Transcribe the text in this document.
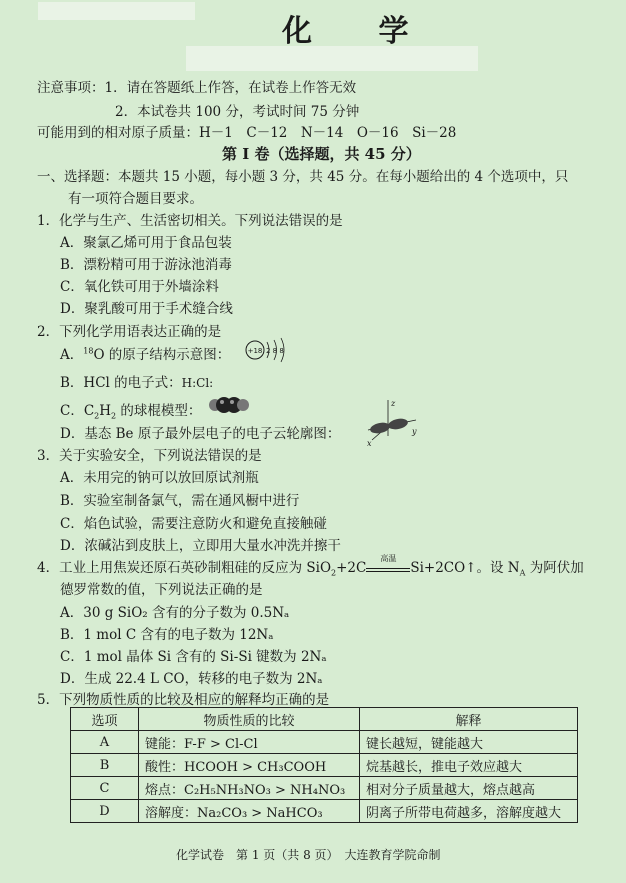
化 学
注意事项：1．请在答题纸上作答，在试卷上作答无效
2．本试卷共 100 分，考试时间 75 分钟
可能用到的相对原子质量：H－1　C－12　N－14　O－16　Si－28
第 I 卷（选择题，共 45 分）
一、选择题：本题共 15 小题，每小题 3 分，共 45 分。在每小题给出的 4 个选项中，只
有一项符合题目要求。
1．化学与生产、生活密切相关。下列说法错误的是
A．聚氯乙烯可用于食品包装
B．漂粉精可用于游泳池消毒
C．氧化铁可用于外墙涂料
D．聚乳酸可用于手术缝合线
2．下列化学用语表达正确的是
A．$^{18}$O 的原子结构示意图： +18 2 8 8
B．HCl 的电子式：H:Cl:
C．$C_2H_2$ 的球棍模型：
D．基态 Be 原子最外层电子的电子云轮廓图：
z
x
y
3．关于实验安全，下列说法错误的是
A．未用完的钠可以放回原试剂瓶
B．实验室制备氯气，需在通风橱中进行
C．焰色试验，需要注意防火和避免直接触碰
D．浓碱沾到皮肤上，立即用大量水冲洗并擦干
4．工业上用焦炭还原石英砂制粗硅的反应为 SiO$_2$+2C
高温
Si+2CO↑。设 $N_A$ 为阿伏加
德罗常数的值，下列说法正确的是
A．30 g SiO₂ 含有的分子数为 0.5Nₐ
B．1 mol C 含有的电子数为 12Nₐ
C．1 mol 晶体 Si 含有的 Si-Si 键数为 2Nₐ
D．生成 22.4 L CO，转移的电子数为 2Nₐ
5．下列物质性质的比较及相应的解释均正确的是
选项	物质性质的比较	解释
A	键能：F-F > Cl-Cl	键长越短，键能越大
B	酸性：HCOOH > CH₃COOH	烷基越长，推电子效应越大
C	熔点：C₂H₅NH₃NO₃ > NH₄NO₃	相对分子质量越大，熔点越高
D	溶解度：Na₂CO₃ > NaHCO₃	阴离子所带电荷越多，溶解度越大
化学试卷　第 1 页（共 8 页）　大连教育学院命制
